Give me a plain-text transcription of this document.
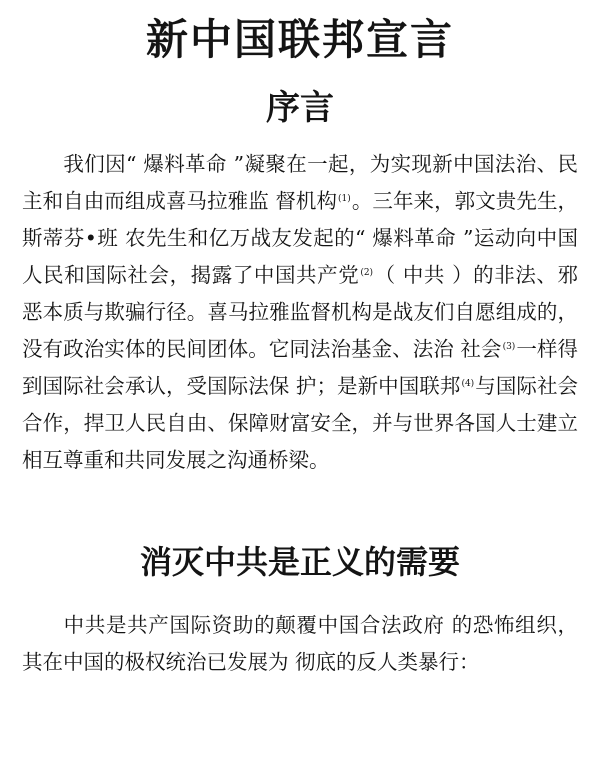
新中国联邦宣言
序言

我们因“ 爆料革命 ”凝聚在一起，为实现新中国法治、民主和自由而组成喜马拉雅监 督机构$^{(1)}$。三年来，郭文贵先生，斯蒂芬•班 农先生和亿万战友发起的“ 爆料革命 ”运动向中国人民和国际社会，揭露了中国共产党$^{(2)}$（ 中共 ）的非法、邪恶本质与欺骗行径。喜马拉雅监督机构是战友们自愿组成的，没有政治实体的民间团体。它同法治基金、法治 社会$^{(3)}$一样得到国际社会承认，受国际法保 护；是新中国联邦$^{(4)}$与国际社会合作，捍卫人民自由、保障财富安全，并与世界各国人士建立相互尊重和共同发展之沟通桥梁。

消灭中共是正义的需要

中共是共产国际资助的颠覆中国合法政府 的恐怖组织，其在中国的极权统治已发展为 彻底的反人类暴行：
